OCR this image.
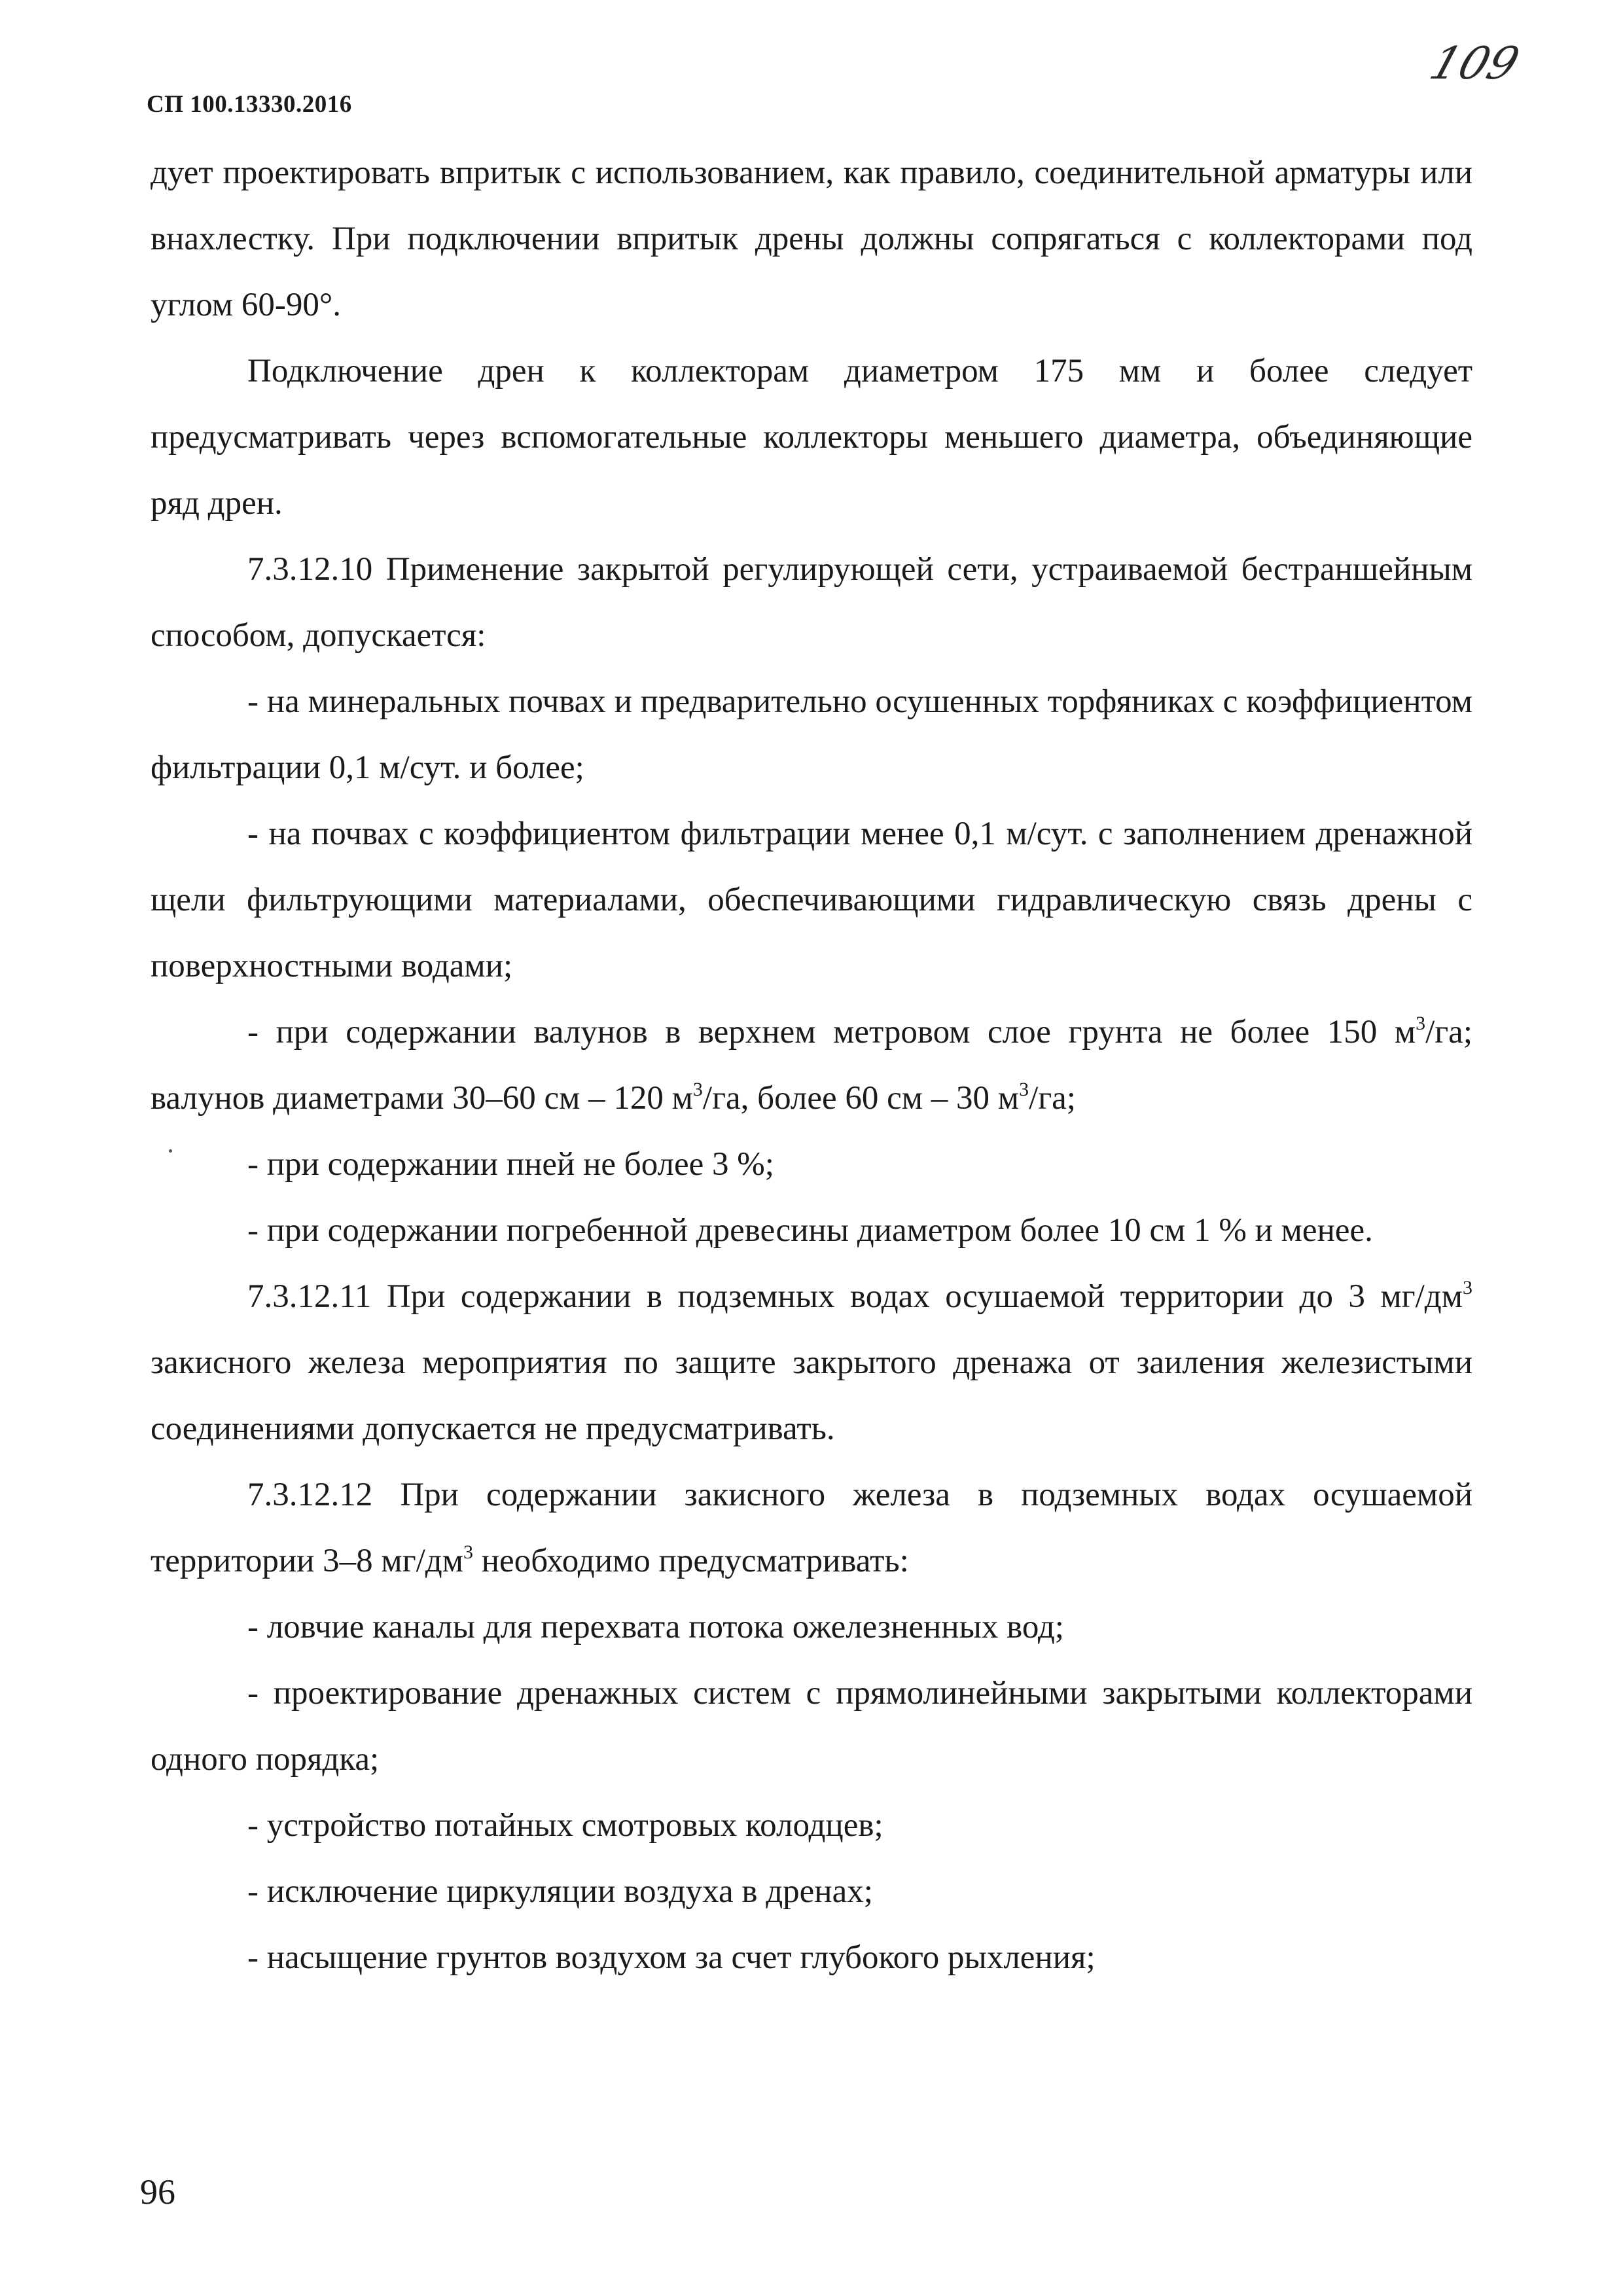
СП 100.13330.2016
109

дует проектировать впритык с использованием, как правило, соединительной арматуры или внахлестку. При подключении впритык дрены должны сопрягаться с коллекторами под углом 60-90°.

Подключение дрен к коллекторам диаметром 175 мм и более следует предусматривать через вспомогательные коллекторы меньшего диаметра, объединяющие ряд дрен.

7.3.12.10 Применение закрытой регулирующей сети, устраиваемой бестраншейным способом, допускается:

- на минеральных почвах и предварительно осушенных торфяниках с коэффициентом фильтрации 0,1 м/сут. и более;

- на почвах с коэффициентом фильтрации менее 0,1 м/сут. с заполнением дренажной щели фильтрующими материалами, обеспечивающими гидравлическую связь дрены с поверхностными водами;

- при содержании валунов в верхнем метровом слое грунта не более 150 $м^3/га$; валунов диаметрами 30–60 см – 120 $м^3/га$, более 60 см – 30 $м^3/га$;

- при содержании пней не более 3 %;

- при содержании погребенной древесины диаметром более 10 см 1 % и менее.

7.3.12.11 При содержании в подземных водах осушаемой территории до 3 $мг/дм^3$ закисного железа мероприятия по защите закрытого дренажа от заиления железистыми соединениями допускается не предусматривать.

7.3.12.12 При содержании закисного железа в подземных водах осушаемой территории 3–8 $мг/дм^3$ необходимо предусматривать:

- ловчие каналы для перехвата потока ожелезненных вод;

- проектирование дренажных систем с прямолинейными закрытыми коллекторами одного порядка;

- устройство потайных смотровых колодцев;

- исключение циркуляции воздуха в дренах;

- насыщение грунтов воздухом за счет глубокого рыхления;

96
